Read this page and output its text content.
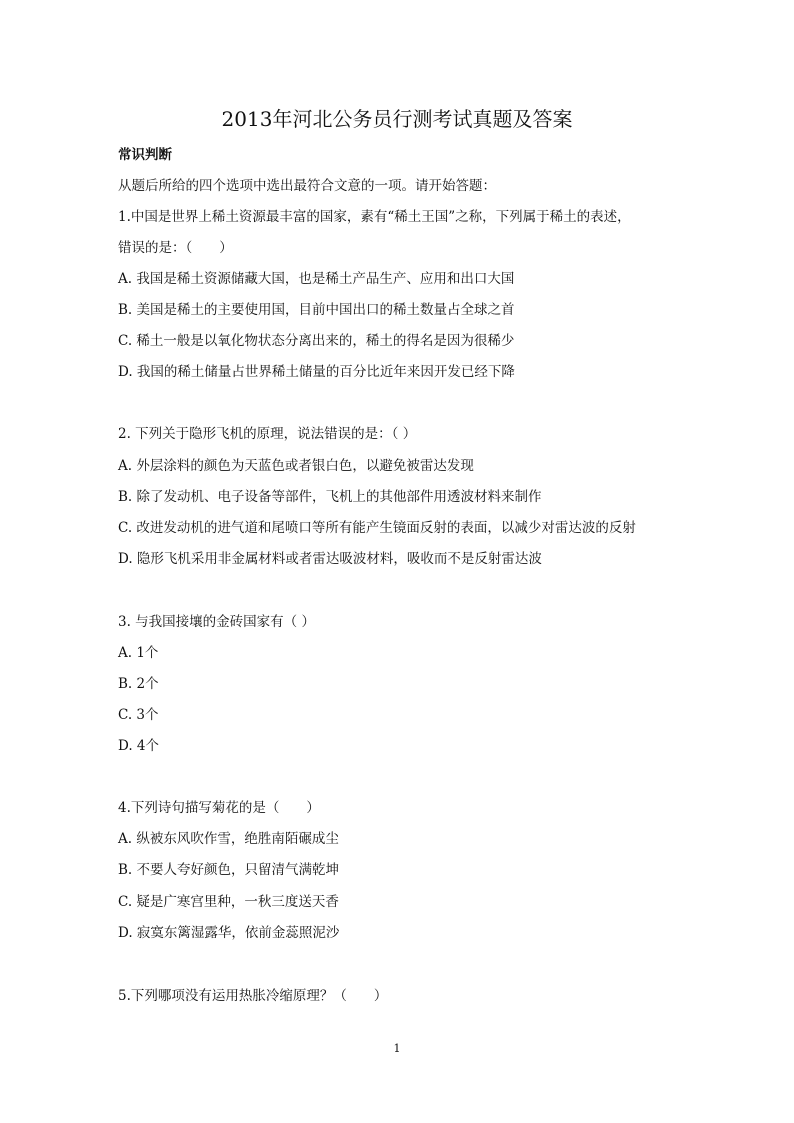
2013年河北公务员行测考试真题及答案
常识判断
从题后所给的四个选项中选出最符合文意的一项。请开始答题：
1.中国是世界上稀土资源最丰富的国家，素有“稀土王国”之称，下列属于稀土的表述，
错误的是：（　　）
A. 我国是稀土资源储藏大国，也是稀土产品生产、应用和出口大国
B. 美国是稀土的主要使用国，目前中国出口的稀土数量占全球之首
C. 稀土一般是以氧化物状态分离出来的，稀土的得名是因为很稀少
D. 我国的稀土储量占世界稀土储量的百分比近年来因开发已经下降
2. 下列关于隐形飞机的原理，说法错误的是：（ ）
A. 外层涂料的颜色为天蓝色或者银白色，以避免被雷达发现
B. 除了发动机、电子设备等部件，飞机上的其他部件用透波材料来制作
C. 改进发动机的进气道和尾喷口等所有能产生镜面反射的表面，以减少对雷达波的反射
D. 隐形飞机采用非金属材料或者雷达吸波材料，吸收而不是反射雷达波
3. 与我国接壤的金砖国家有（ ）
A. 1个
B. 2个
C. 3个
D. 4个
4.下列诗句描写菊花的是（　　）
A. 纵被东风吹作雪，绝胜南陌碾成尘
B. 不要人夸好颜色，只留清气满乾坤
C. 疑是广寒宫里种，一秋三度送天香
D. 寂寞东篱湿露华，依前金蕊照泥沙
5.下列哪项没有运用热胀冷缩原理？（　　）
1
